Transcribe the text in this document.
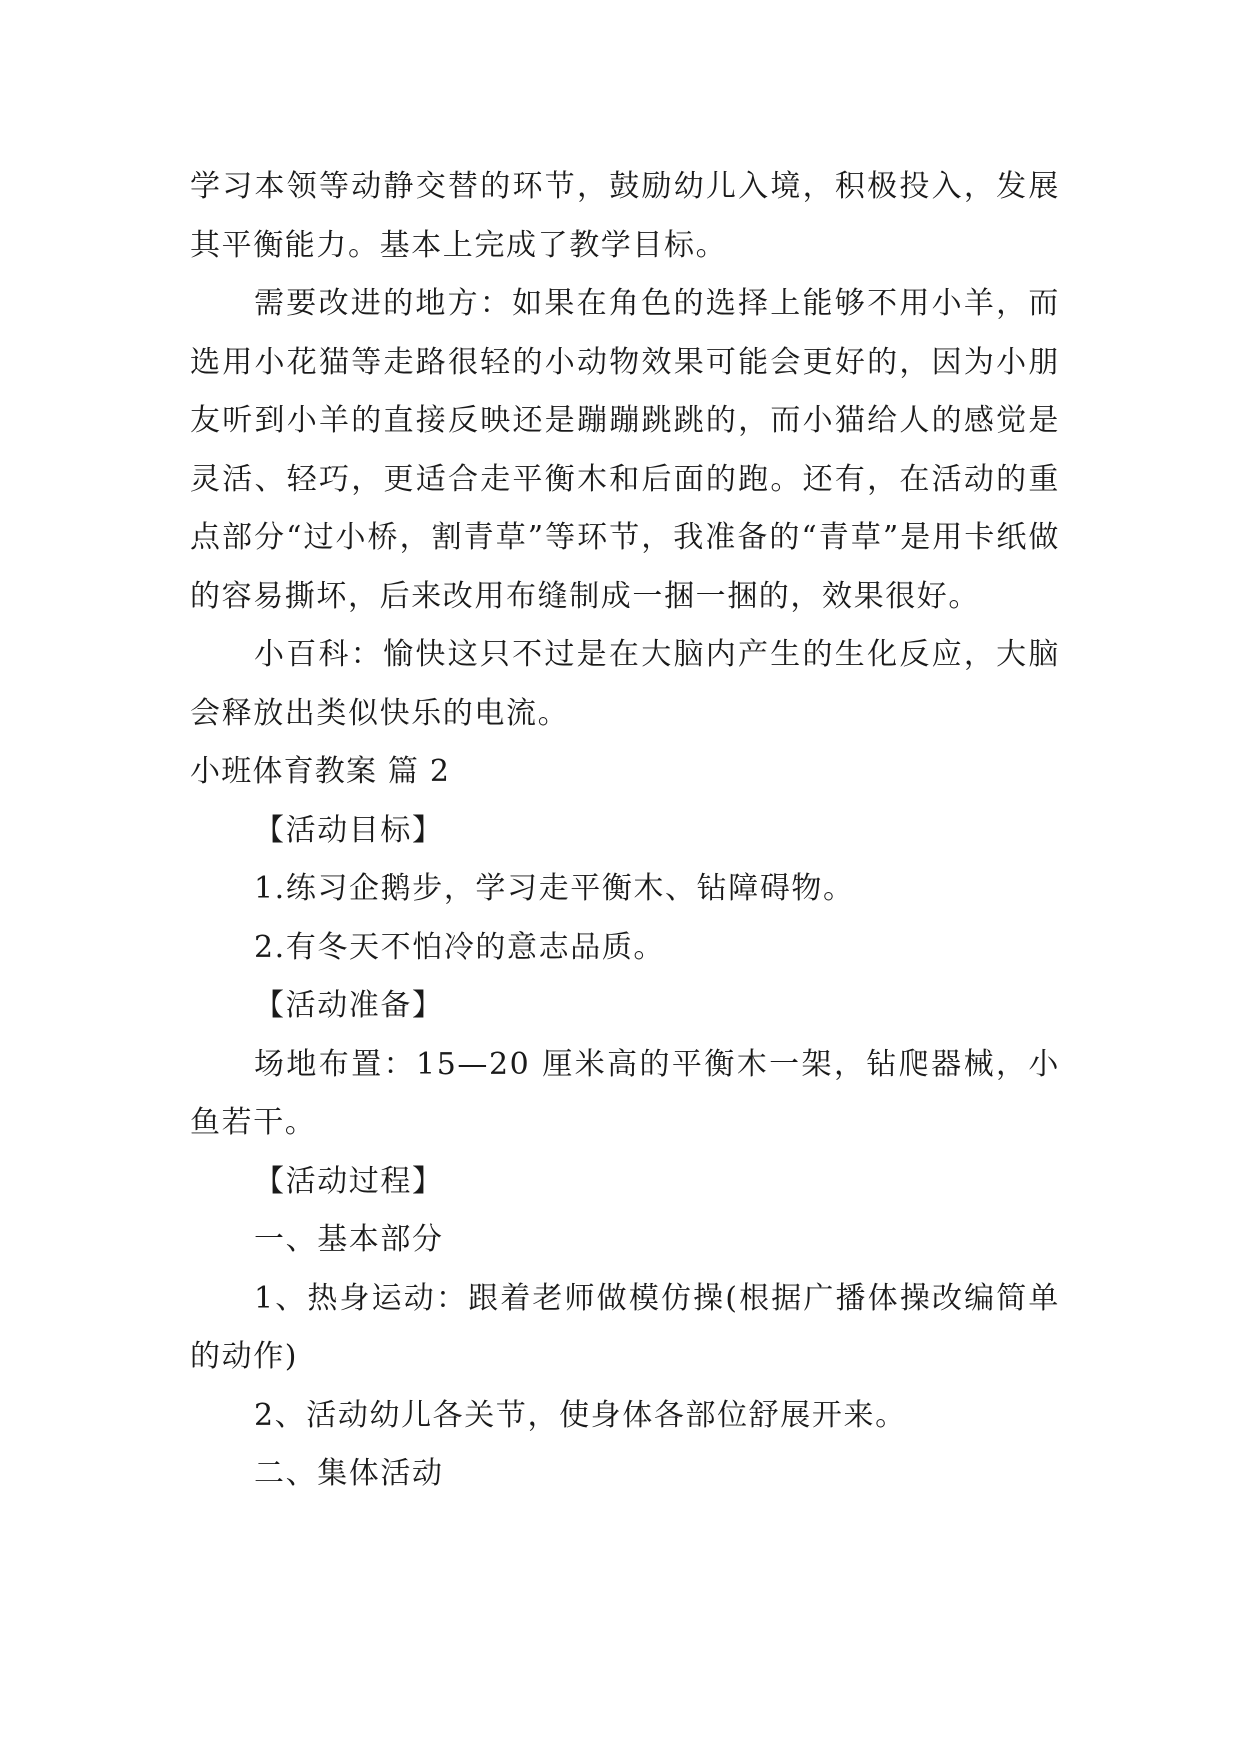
学习本领等动静交替的环节，鼓励幼儿入境，积极投入，发展其平衡能力。基本上完成了教学目标。

需要改进的地方：如果在角色的选择上能够不用小羊，而选用小花猫等走路很轻的小动物效果可能会更好的，因为小朋友听到小羊的直接反映还是蹦蹦跳跳的，而小猫给人的感觉是灵活、轻巧，更适合走平衡木和后面的跑。还有，在活动的重点部分“过小桥，割青草”等环节，我准备的“青草”是用卡纸做的容易撕坏，后来改用布缝制成一捆一捆的，效果很好。

小百科：愉快这只不过是在大脑内产生的生化反应，大脑会释放出类似快乐的电流。

小班体育教案 篇 2

【活动目标】

1.练习企鹅步，学习走平衡木、钻障碍物。

2.有冬天不怕冷的意志品质。

【活动准备】

场地布置：15—20 厘米高的平衡木一架，钻爬器械，小鱼若干。

【活动过程】

一、基本部分

1、热身运动：跟着老师做模仿操(根据广播体操改编简单的动作)

2、活动幼儿各关节，使身体各部位舒展开来。

二、集体活动
